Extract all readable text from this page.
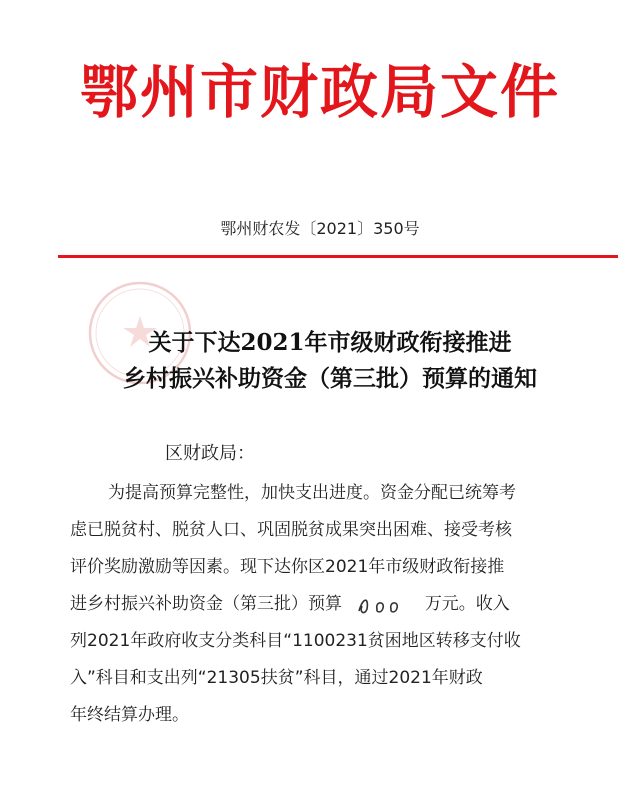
鄂州市财政局文件
鄂州财农发〔2021〕350号
关于下达2021年市级财政衔接推进
乡村振兴补助资金（第三批）预算的通知
区财政局：
为提高预算完整性，加快支出进度。资金分配已统筹考
虑已脱贫村、脱贫人口、巩固脱贫成果突出困难、接受考核
评价奖励激励等因素。现下达你区2021年市级财政衔接推
进乡村振兴补助资金（第三批）预算	万元。收入
列2021年政府收支分类科目“1100231贫困地区转移支付收
入”科目和支出列“21305扶贫”科目，通过2021年财政
年终结算办理。
